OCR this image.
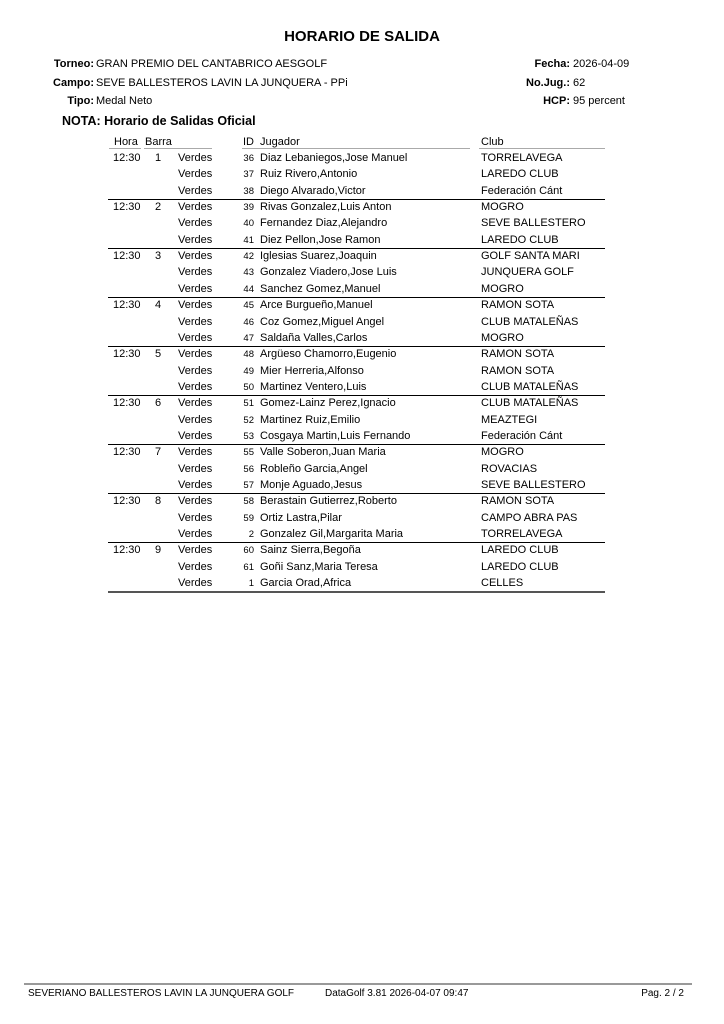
HORARIO DE SALIDA
Torneo: GRAN PREMIO DEL CANTABRICO AESGOLF
Campo: SEVE BALLESTEROS LAVIN LA JUNQUERA - PPi
Tipo: Medal Neto
Fecha: 2026-04-09
No.Jug.: 62
HCP: 95 percent
NOTA: Horario de Salidas Oficial
Hora Barra	ID Jugador	Club
12:30 1 Verdes	36 Diaz Lebaniegos,Jose Manuel	TORRELAVEGA
Verdes	37 Ruiz Rivero,Antonio	LAREDO CLUB
Verdes	38 Diego Alvarado,Victor	Federación Cánt
12:30 2 Verdes	39 Rivas Gonzalez,Luis Anton	MOGRO
Verdes	40 Fernandez Diaz,Alejandro	SEVE BALLESTERO
Verdes	41 Diez Pellon,Jose Ramon	LAREDO CLUB
12:30 3 Verdes	42 Iglesias Suarez,Joaquin	GOLF SANTA MARI
Verdes	43 Gonzalez Viadero,Jose Luis	JUNQUERA GOLF
Verdes	44 Sanchez Gomez,Manuel	MOGRO
12:30 4 Verdes	45 Arce Burgueño,Manuel	RAMON SOTA
Verdes	46 Coz Gomez,Miguel Angel	CLUB MATALEÑAS
Verdes	47 Saldaña Valles,Carlos	MOGRO
12:30 5 Verdes	48 Argüeso Chamorro,Eugenio	RAMON SOTA
Verdes	49 Mier Herreria,Alfonso	RAMON SOTA
Verdes	50 Martinez Ventero,Luis	CLUB MATALEÑAS
12:30 6 Verdes	51 Gomez-Lainz Perez,Ignacio	CLUB MATALEÑAS
Verdes	52 Martinez Ruiz,Emilio	MEAZTEGI
Verdes	53 Cosgaya Martin,Luis Fernando	Federación Cánt
12:30 7 Verdes	55 Valle Soberon,Juan Maria	MOGRO
Verdes	56 Robleño Garcia,Angel	ROVACIAS
Verdes	57 Monje Aguado,Jesus	SEVE BALLESTERO
12:30 8 Verdes	58 Berastain Gutierrez,Roberto	RAMON SOTA
Verdes	59 Ortiz Lastra,Pilar	CAMPO ABRA PAS
Verdes	2 Gonzalez Gil,Margarita Maria	TORRELAVEGA
12:30 9 Verdes	60 Sainz Sierra,Begoña	LAREDO CLUB
Verdes	61 Goñi Sanz,Maria Teresa	LAREDO CLUB
Verdes	1 Garcia Orad,Africa	CELLES
SEVERIANO BALLESTEROS LAVIN LA JUNQUERA GOLF	DataGolf 3.81 2026-04-07 09:47	Pag. 2 / 2
